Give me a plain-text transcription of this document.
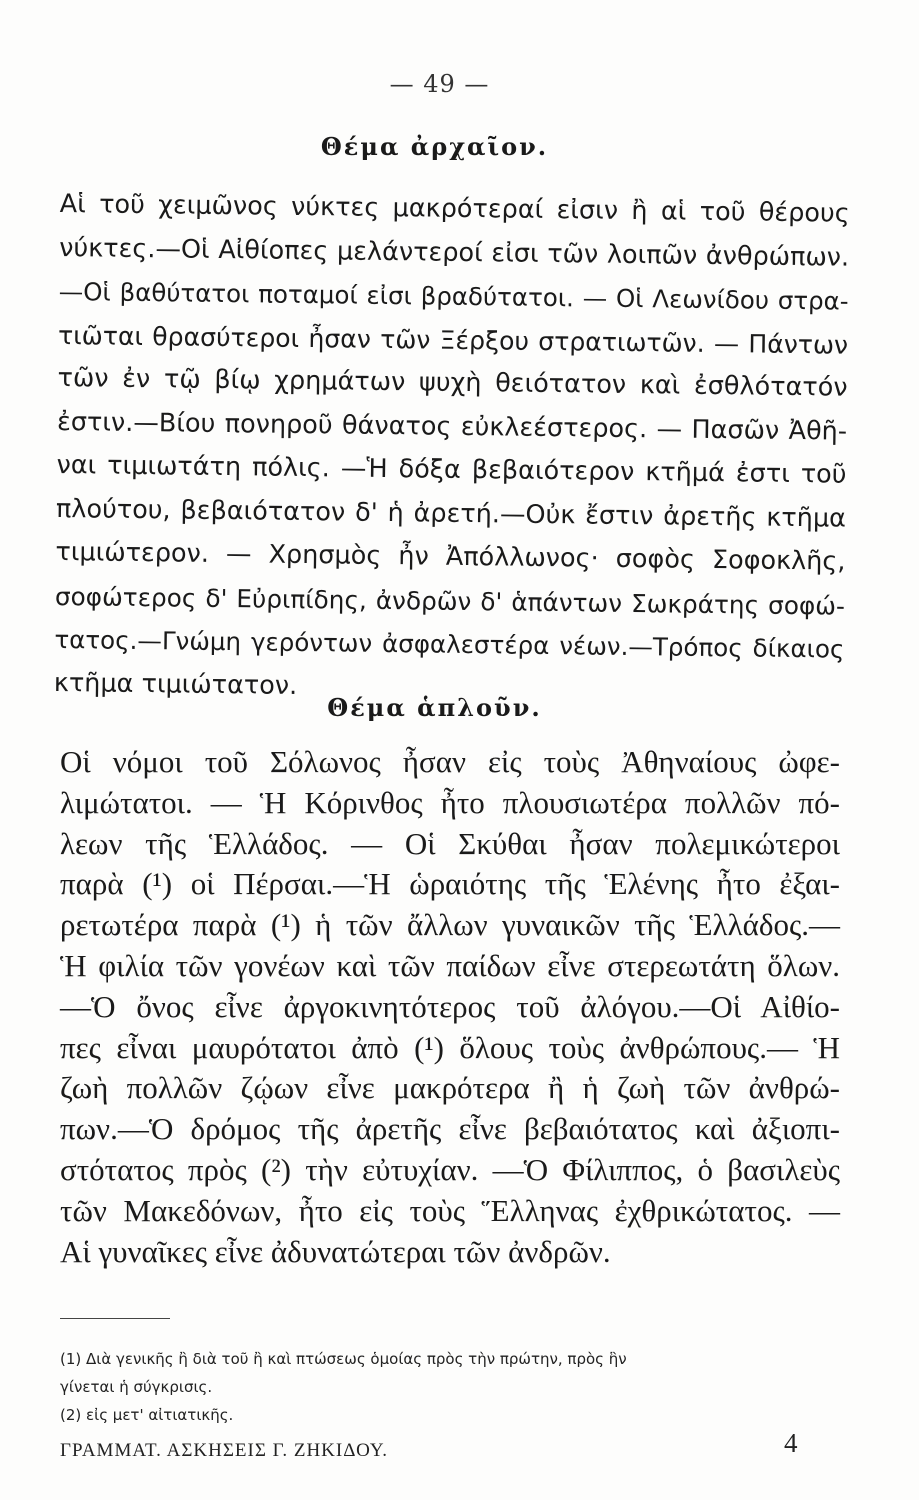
— 49 —
Θέμα ἀρχαῖον.
Αἱ τοῦ χειμῶνος νύκτες μακρότεραί εἰσιν ἢ αἱ τοῦ θέρους
νύκτες.—Οἱ Αἰθίοπες μελάντεροί εἰσι τῶν λοιπῶν ἀνθρώπων.
—Οἱ βαθύτατοι ποταμοί εἰσι βραδύτατοι. — Οἱ Λεωνίδου στρα-
τιῶται θρασύτεροι ἦσαν τῶν Ξέρξου στρατιωτῶν. — Πάντων
τῶν ἐν τῷ βίῳ χρημάτων ψυχὴ θειότατον καὶ ἐσθλότατόν
ἐστιν.—Βίου πονηροῦ θάνατος εὐκλεέστερος. — Πασῶν Ἀθῆ-
ναι τιμιωτάτη πόλις. —Ἡ δόξα βεβαιότερον κτῆμά ἐστι τοῦ
πλούτου, βεβαιότατον δ' ἡ ἀρετή.—Οὐκ ἔστιν ἀρετῆς κτῆμα
τιμιώτερον. — Χρησμὸς ἦν Ἀπόλλωνος· σοφὸς Σοφοκλῆς,
σοφώτερος δ' Εὐριπίδης, ἀνδρῶν δ' ἁπάντων Σωκράτης σοφώ-
τατος.—Γνώμη γερόντων ἀσφαλεστέρα νέων.—Τρόπος δίκαιος
κτῆμα τιμιώτατον.
Θέμα ἁπλοῦν.
Οἱ νόμοι τοῦ Σόλωνος ἦσαν εἰς τοὺς Ἀθηναίους ὠφε-
λιμώτατοι. — Ἡ Κόρινθος ἦτο πλουσιωτέρα πολλῶν πό-
λεων τῆς Ἑλλάδος. — Οἱ Σκύθαι ἦσαν πολεμικώτεροι
παρὰ (¹) οἱ Πέρσαι.—Ἡ ὡραιότης τῆς Ἑλένης ἦτο ἐξαι-
ρετωτέρα παρὰ (¹) ἡ τῶν ἄλλων γυναικῶν τῆς Ἑλλάδος.—
Ἡ φιλία τῶν γονέων καὶ τῶν παίδων εἶνε στερεωτάτη ὅλων.
—Ὁ ὄνος εἶνε ἀργοκινητότερος τοῦ ἀλόγου.—Οἱ Αἰθίο-
πες εἶναι μαυρότατοι ἀπὸ (¹) ὅλους τοὺς ἀνθρώπους.— Ἡ
ζωὴ πολλῶν ζῴων εἶνε μακρότερα ἢ ἡ ζωὴ τῶν ἀνθρώ-
πων.—Ὁ δρόμος τῆς ἀρετῆς εἶνε βεβαιότατος καὶ ἀξιοπι-
στότατος πρὸς (²) τὴν εὐτυχίαν. —Ὁ Φίλιππος, ὁ βασιλεὺς
τῶν Μακεδόνων, ἦτο εἰς τοὺς Ἕλληνας ἐχθρικώτατος. —
Αἱ γυναῖκες εἶνε ἀδυνατώτεραι τῶν ἀνδρῶν.
(1) Διὰ γενικῆς ἢ διὰ τοῦ ἢ καὶ πτώσεως ὁμοίας πρὸς τὴν πρώτην, πρὸς ἣν
γίνεται ἡ σύγκρισις.
(2) εἰς μετ' αἰτιατικῆς.
ΓΡΑΜΜΑΤ. ΑΣΚΗΣΕΙΣ Γ. ΖΗΚΙΔΟΥ.	4
